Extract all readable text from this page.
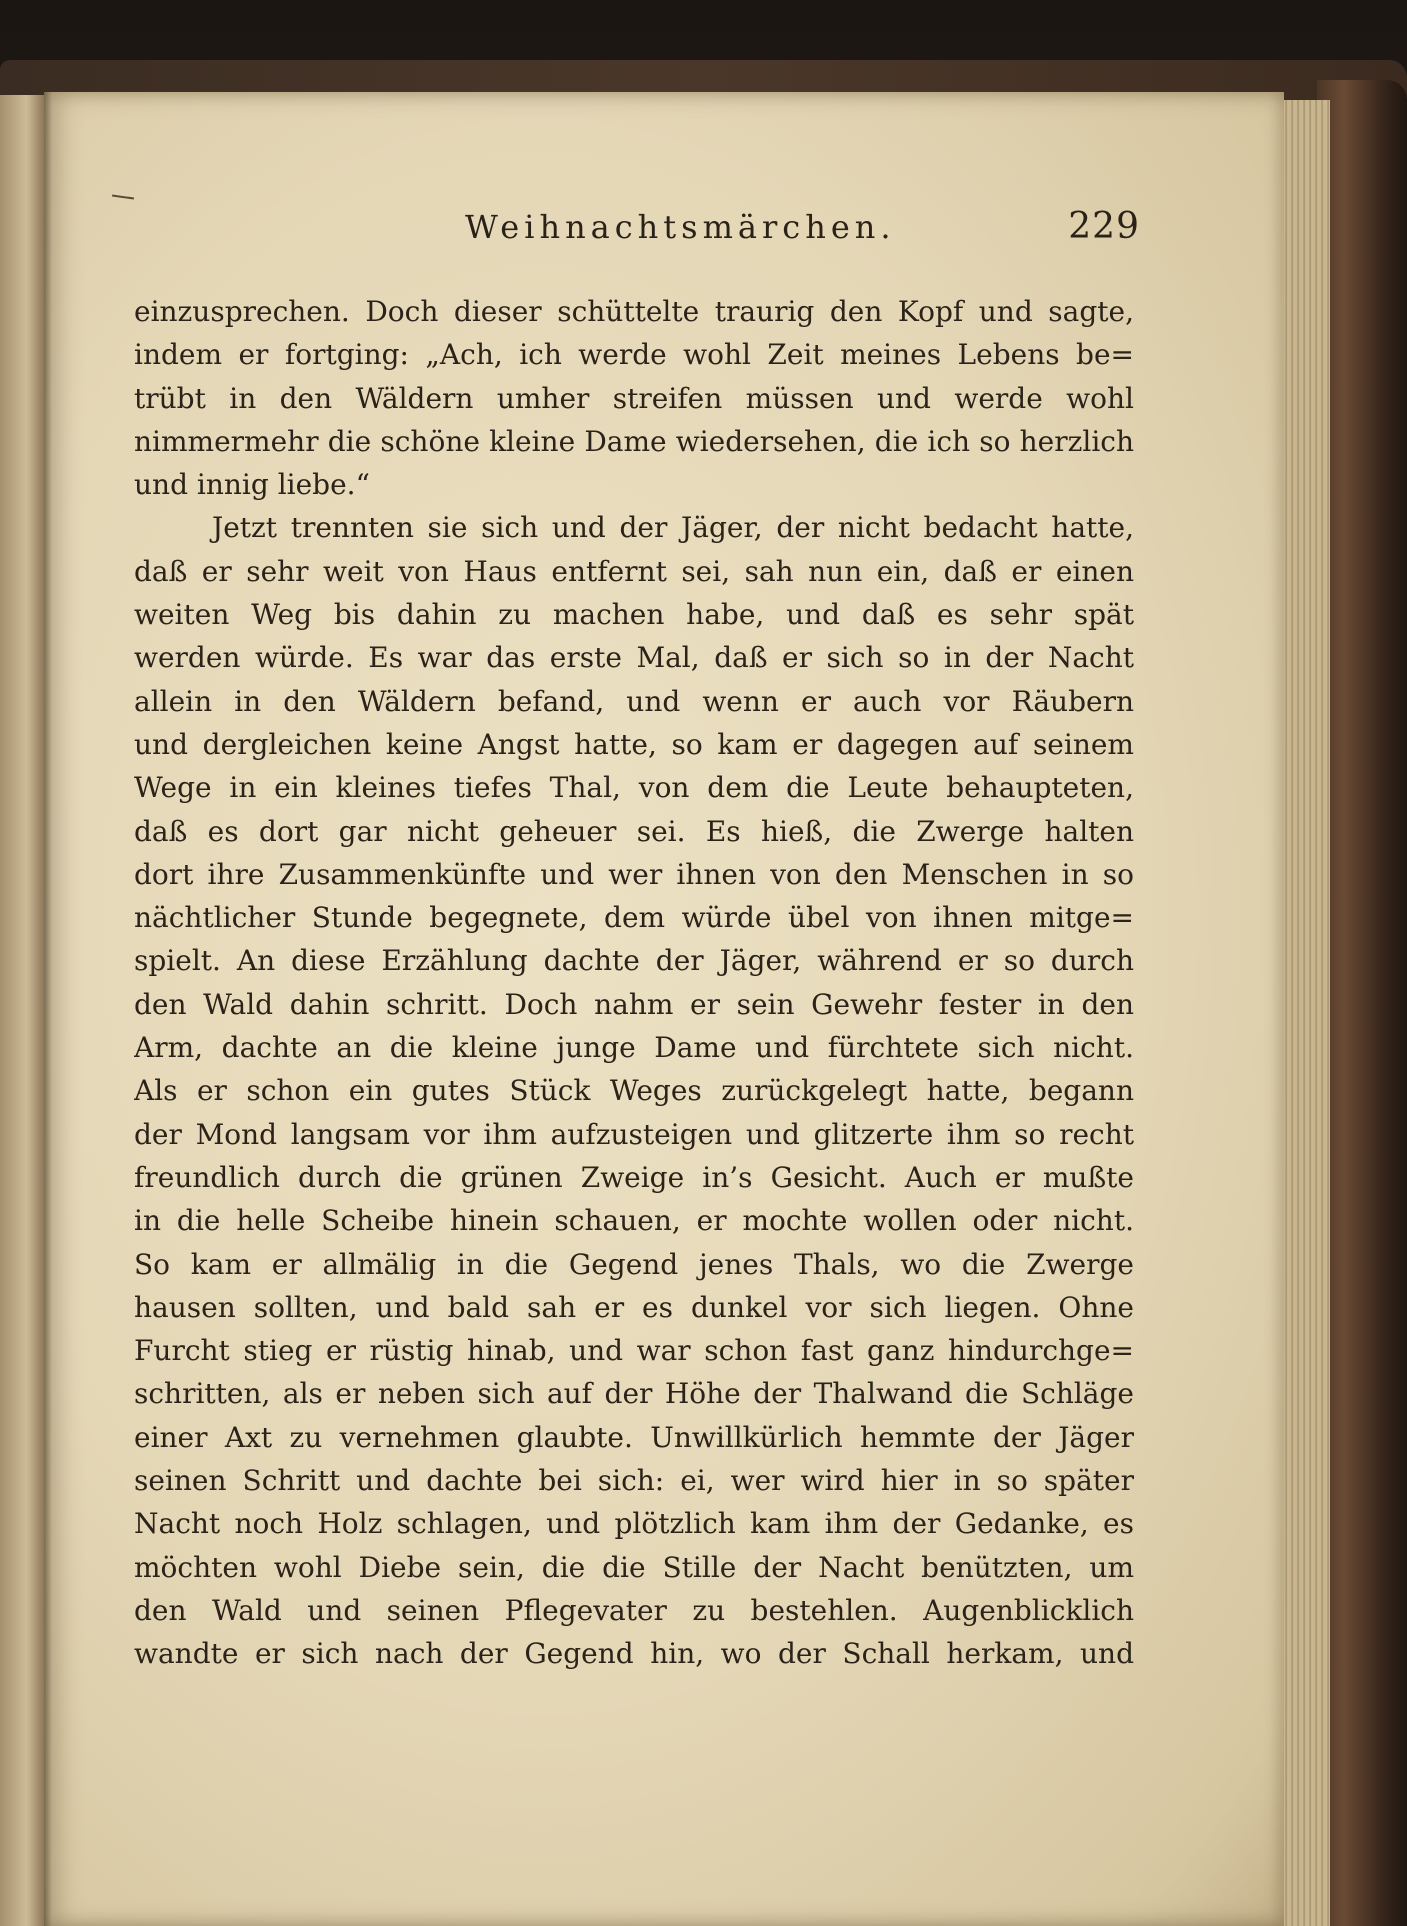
Weihnachtsmärchen.	229
einzusprechen. Doch dieser schüttelte traurig den Kopf und sagte,
indem er fortging: „Ach, ich werde wohl Zeit meines Lebens be=
trübt in den Wäldern umher streifen müssen und werde wohl
nimmermehr die schöne kleine Dame wiedersehen, die ich so herzlich
und innig liebe.“
Jetzt trennten sie sich und der Jäger, der nicht bedacht hatte,
daß er sehr weit von Haus entfernt sei, sah nun ein, daß er einen
weiten Weg bis dahin zu machen habe, und daß es sehr spät
werden würde. Es war das erste Mal, daß er sich so in der Nacht
allein in den Wäldern befand, und wenn er auch vor Räubern
und dergleichen keine Angst hatte, so kam er dagegen auf seinem
Wege in ein kleines tiefes Thal, von dem die Leute behaupteten,
daß es dort gar nicht geheuer sei. Es hieß, die Zwerge halten
dort ihre Zusammenkünfte und wer ihnen von den Menschen in so
nächtlicher Stunde begegnete, dem würde übel von ihnen mitge=
spielt. An diese Erzählung dachte der Jäger, während er so durch
den Wald dahin schritt. Doch nahm er sein Gewehr fester in den
Arm, dachte an die kleine junge Dame und fürchtete sich nicht.
Als er schon ein gutes Stück Weges zurückgelegt hatte, begann
der Mond langsam vor ihm aufzusteigen und glitzerte ihm so recht
freundlich durch die grünen Zweige in’s Gesicht. Auch er mußte
in die helle Scheibe hinein schauen, er mochte wollen oder nicht.
So kam er allmälig in die Gegend jenes Thals, wo die Zwerge
hausen sollten, und bald sah er es dunkel vor sich liegen. Ohne
Furcht stieg er rüstig hinab, und war schon fast ganz hindurchge=
schritten, als er neben sich auf der Höhe der Thalwand die Schläge
einer Axt zu vernehmen glaubte. Unwillkürlich hemmte der Jäger
seinen Schritt und dachte bei sich: ei, wer wird hier in so später
Nacht noch Holz schlagen, und plötzlich kam ihm der Gedanke, es
möchten wohl Diebe sein, die die Stille der Nacht benützten, um
den Wald und seinen Pflegevater zu bestehlen. Augenblicklich
wandte er sich nach der Gegend hin, wo der Schall herkam, und
